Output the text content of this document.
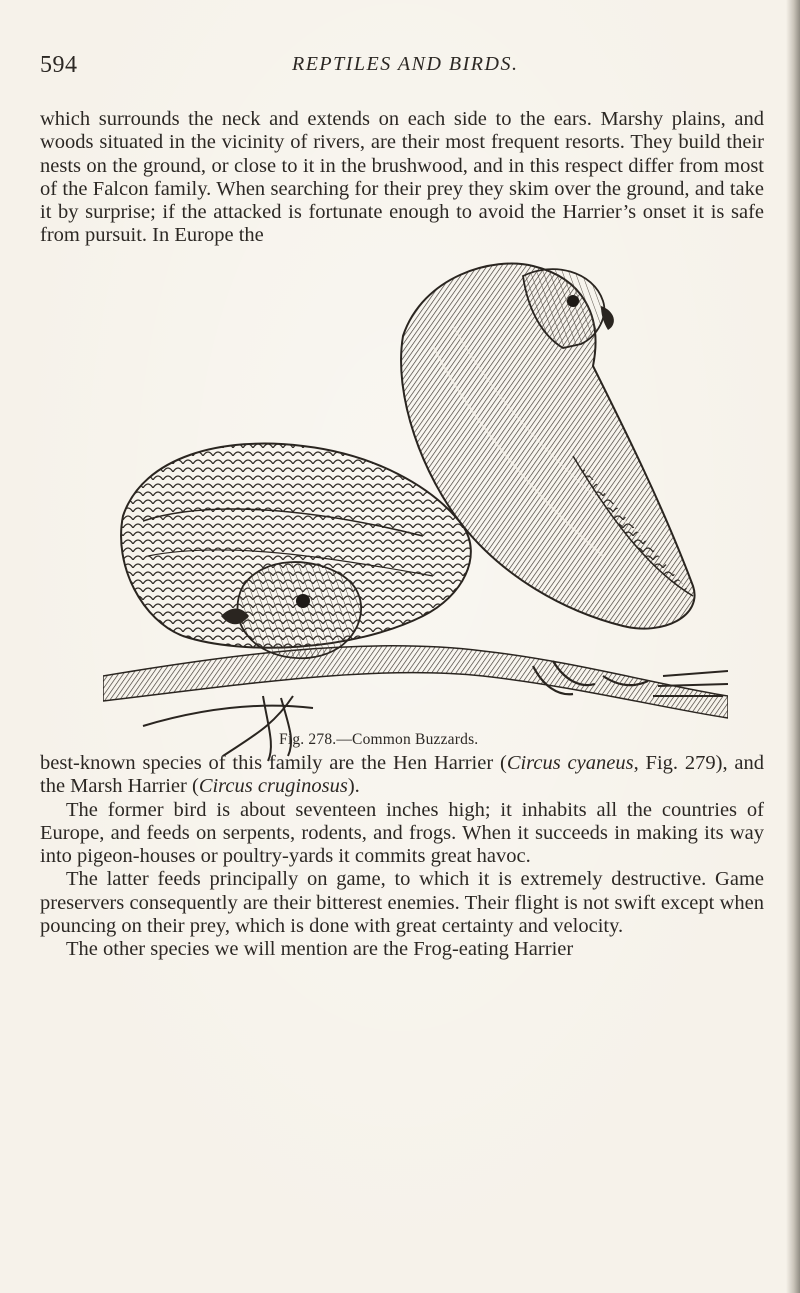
594	REPTILES AND BIRDS.

which surrounds the neck and extends on each side to the ears. Marshy plains, and woods situated in the vicinity of rivers, are their most frequent resorts. They build their nests on the ground, or close to it in the brushwood, and in this respect differ from most of the Falcon family. When searching for their prey they skim over the ground, and take it by surprise; if the attacked is fortunate enough to avoid the Harrier’s onset it is safe from pursuit. In Europe the

Fig. 278.—Common Buzzards.

best-known species of this family are the Hen Harrier (Circus cyaneus, Fig. 279), and the Marsh Harrier (Circus cruginosus).

The former bird is about seventeen inches high; it inhabits all the countries of Europe, and feeds on serpents, rodents, and frogs. When it succeeds in making its way into pigeon-houses or poultry-yards it commits great havoc.

The latter feeds principally on game, to which it is extremely destructive. Game preservers consequently are their bitterest enemies. Their flight is not swift except when pouncing on their prey, which is done with great certainty and velocity.

The other species we will mention are the Frog-eating Harrier
